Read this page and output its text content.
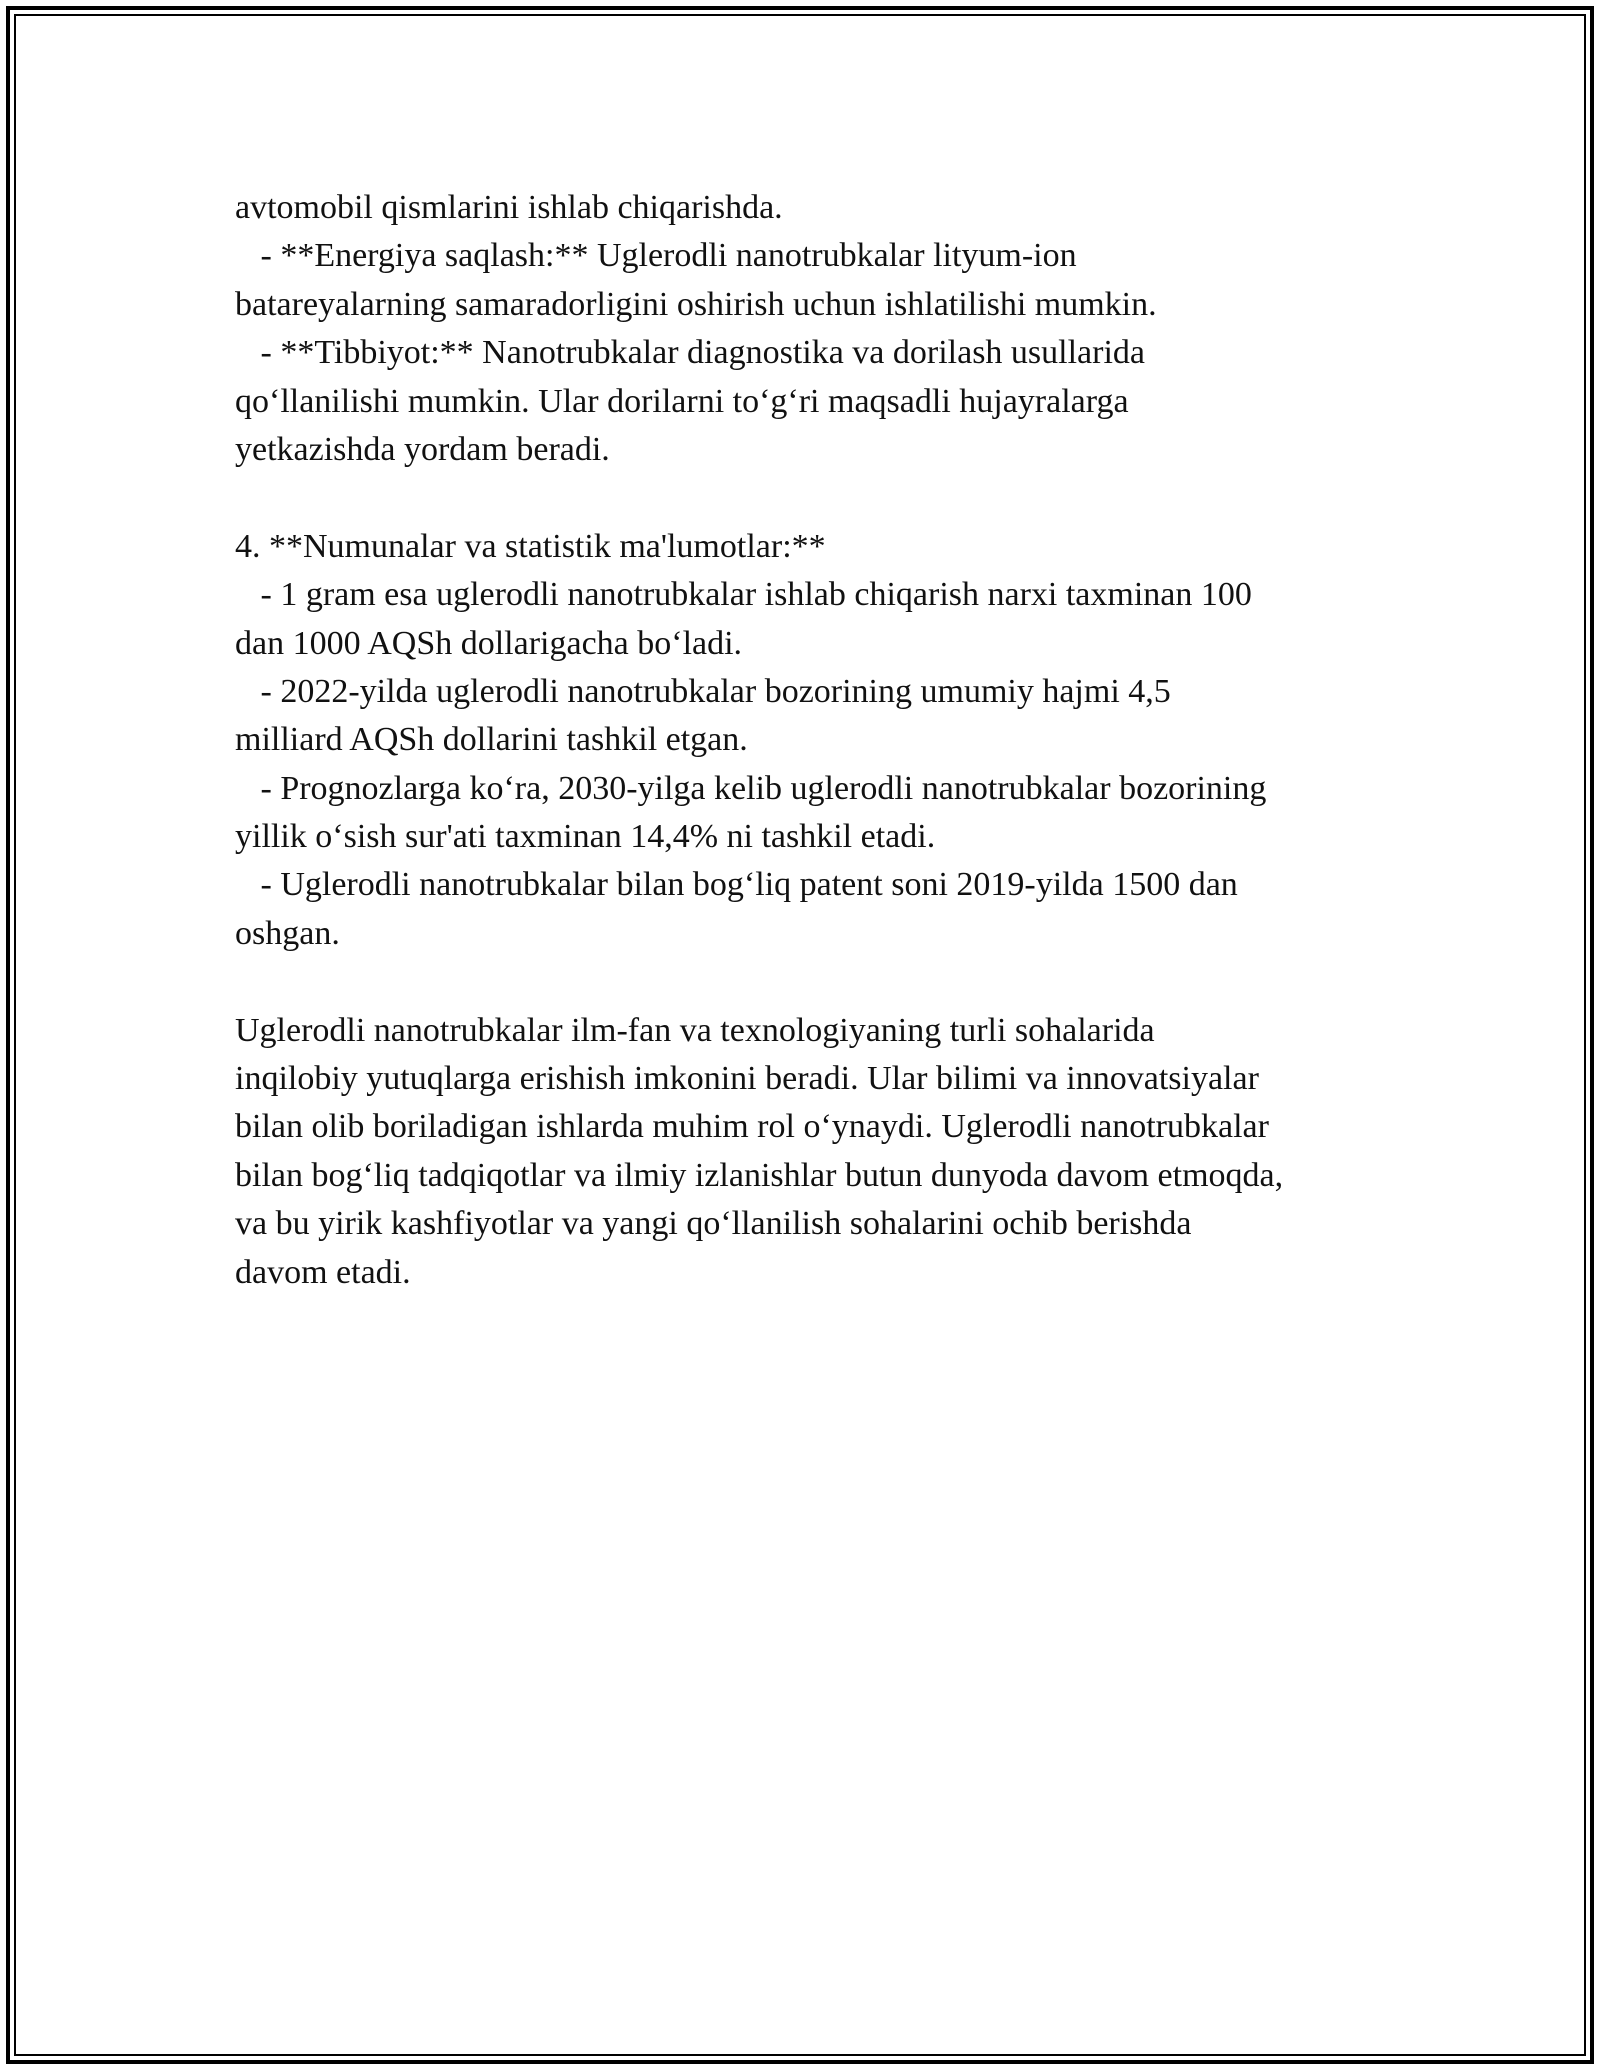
avtomobil qismlarini ishlab chiqarishda.
- **Energiya saqlash:** Uglerodli nanotrubkalar lityum-ion
batareyalarning samaradorligini oshirish uchun ishlatilishi mumkin.
- **Tibbiyot:** Nanotrubkalar diagnostika va dorilash usullarida
qo‘llanilishi mumkin. Ular dorilarni to‘g‘ri maqsadli hujayralarga
yetkazishda yordam beradi.
4. **Numunalar va statistik ma'lumotlar:**
- 1 gram esa uglerodli nanotrubkalar ishlab chiqarish narxi taxminan 100
dan 1000 AQSh dollarigacha bo‘ladi.
- 2022-yilda uglerodli nanotrubkalar bozorining umumiy hajmi 4,5
milliard AQSh dollarini tashkil etgan.
- Prognozlarga ko‘ra, 2030-yilga kelib uglerodli nanotrubkalar bozorining
yillik o‘sish sur'ati taxminan 14,4% ni tashkil etadi.
- Uglerodli nanotrubkalar bilan bog‘liq patent soni 2019-yilda 1500 dan
oshgan.
Uglerodli nanotrubkalar ilm-fan va texnologiyaning turli sohalarida
inqilobiy yutuqlarga erishish imkonini beradi. Ular bilimi va innovatsiyalar
bilan olib boriladigan ishlarda muhim rol o‘ynaydi. Uglerodli nanotrubkalar
bilan bog‘liq tadqiqotlar va ilmiy izlanishlar butun dunyoda davom etmoqda,
va bu yirik kashfiyotlar va yangi qo‘llanilish sohalarini ochib berishda
davom etadi.
